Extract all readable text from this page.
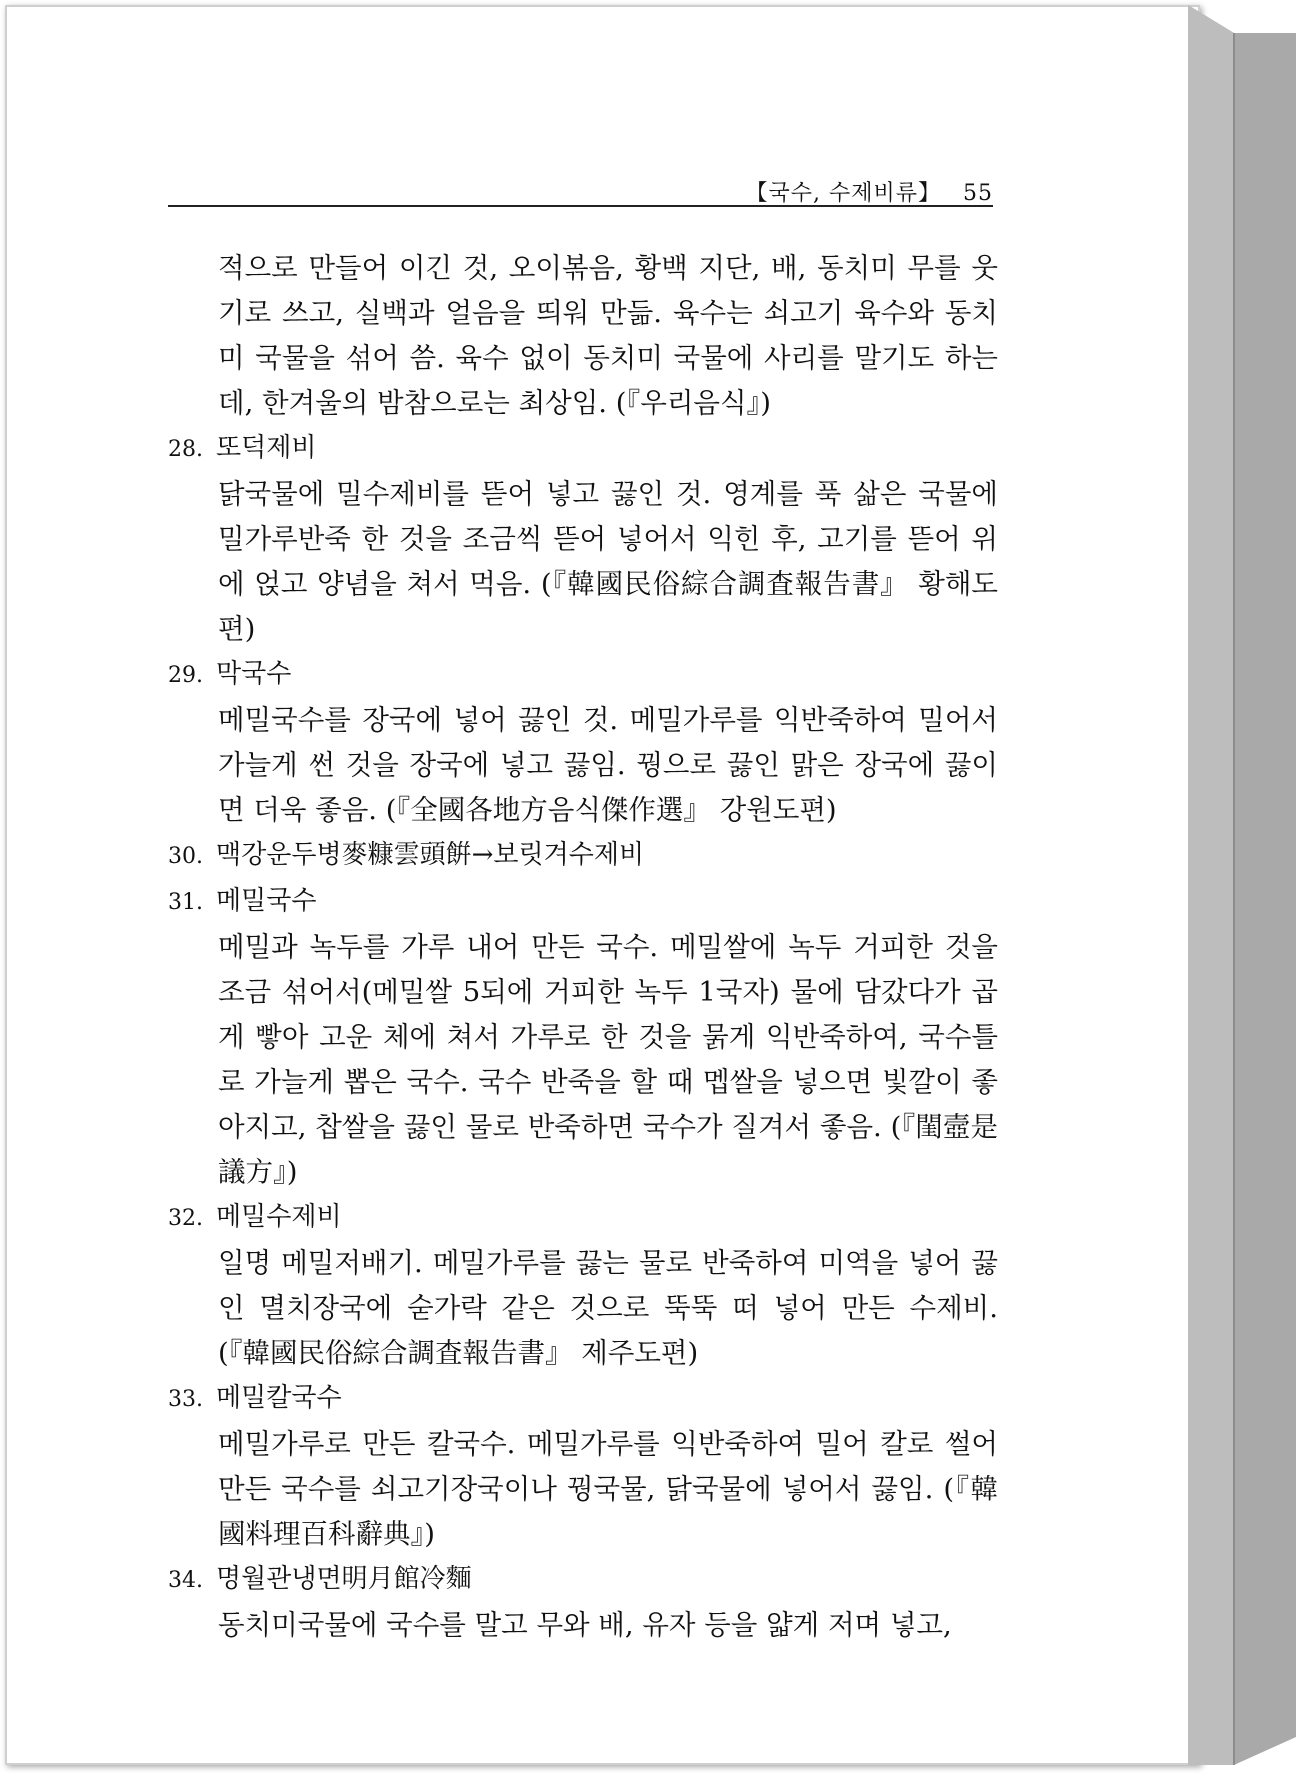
【국수, 수제비류】 55

적으로 만들어 이긴 것, 오이볶음, 황백 지단, 배, 동치미 무를 웃기로 쓰고, 실백과 얼음을 띄워 만듦. 육수는 쇠고기 육수와 동치미 국물을 섞어 씀. 육수 없이 동치미 국물에 사리를 말기도 하는데, 한겨울의 밤참으로는 최상임. (『우리음식』)

28. 또덕제비

닭국물에 밀수제비를 뜯어 넣고 끓인 것. 영계를 푹 삶은 국물에 밀가루반죽 한 것을 조금씩 뜯어 넣어서 익힌 후, 고기를 뜯어 위에 얹고 양념을 쳐서 먹음. (『韓國民俗綜合調査報告書』 황해도편)

29. 막국수

메밀국수를 장국에 넣어 끓인 것. 메밀가루를 익반죽하여 밀어서 가늘게 썬 것을 장국에 넣고 끓임. 꿩으로 끓인 맑은 장국에 끓이면 더욱 좋음. (『全國各地方음식傑作選』 강원도편)

30. 맥강운두병麥糠雲頭餠→보릿겨수제비

31. 메밀국수

메밀과 녹두를 가루 내어 만든 국수. 메밀쌀에 녹두 거피한 것을 조금 섞어서(메밀쌀 5되에 거피한 녹두 1국자) 물에 담갔다가 곱게 빻아 고운 체에 쳐서 가루로 한 것을 묽게 익반죽하여, 국수틀로 가늘게 뽑은 국수. 국수 반죽을 할 때 멥쌀을 넣으면 빛깔이 좋아지고, 찹쌀을 끓인 물로 반죽하면 국수가 질겨서 좋음. (『閨壼是議方』)

32. 메밀수제비

일명 메밀저배기. 메밀가루를 끓는 물로 반죽하여 미역을 넣어 끓인 멸치장국에 숟가락 같은 것으로 뚝뚝 떠 넣어 만든 수제비. (『韓國民俗綜合調査報告書』 제주도편)

33. 메밀칼국수

메밀가루로 만든 칼국수. 메밀가루를 익반죽하여 밀어 칼로 썰어 만든 국수를 쇠고기장국이나 꿩국물, 닭국물에 넣어서 끓임. (『韓國料理百科辭典』)

34. 명월관냉면明月館冷麵

동치미국물에 국수를 말고 무와 배, 유자 등을 얇게 저며 넣고,
